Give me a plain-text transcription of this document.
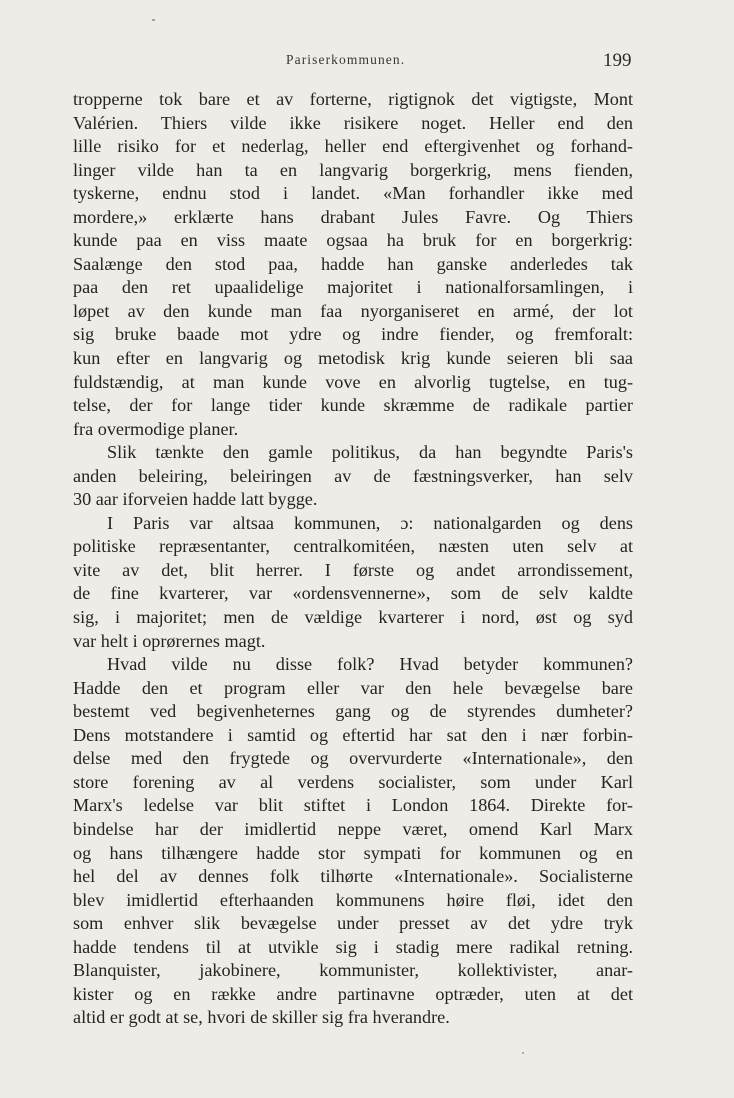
Pariserkommunen.	199
tropperne tok bare et av forterne, rigtignok det vigtigste, Mont
Valérien. Thiers vilde ikke risikere noget. Heller end den
lille risiko for et nederlag, heller end eftergivenhet og forhand-
linger vilde han ta en langvarig borgerkrig, mens fienden,
tyskerne, endnu stod i landet. «Man forhandler ikke med
mordere,» erklærte hans drabant Jules Favre. Og Thiers
kunde paa en viss maate ogsaa ha bruk for en borgerkrig:
Saalænge den stod paa, hadde han ganske anderledes tak
paa den ret upaalidelige majoritet i nationalforsamlingen, i
løpet av den kunde man faa nyorganiseret en armé, der lot
sig bruke baade mot ydre og indre fiender, og fremforalt:
kun efter en langvarig og metodisk krig kunde seieren bli saa
fuldstændig, at man kunde vove en alvorlig tugtelse, en tug-
telse, der for lange tider kunde skræmme de radikale partier
fra overmodige planer.
Slik tænkte den gamle politikus, da han begyndte Paris's
anden beleiring, beleiringen av de fæstningsverker, han selv
30 aar iforveien hadde latt bygge.
I Paris var altsaa kommunen, ɔ: nationalgarden og dens
politiske repræsentanter, centralkomitéen, næsten uten selv at
vite av det, blit herrer. I første og andet arrondissement,
de fine kvarterer, var «ordensvennerne», som de selv kaldte
sig, i majoritet; men de vældige kvarterer i nord, øst og syd
var helt i oprørernes magt.
Hvad vilde nu disse folk? Hvad betyder kommunen?
Hadde den et program eller var den hele bevægelse bare
bestemt ved begivenheternes gang og de styrendes dumheter?
Dens motstandere i samtid og eftertid har sat den i nær forbin-
delse med den frygtede og overvurderte «Internationale», den
store forening av al verdens socialister, som under Karl
Marx's ledelse var blit stiftet i London 1864. Direkte for-
bindelse har der imidlertid neppe været, omend Karl Marx
og hans tilhængere hadde stor sympati for kommunen og en
hel del av dennes folk tilhørte «Internationale». Socialisterne
blev imidlertid efterhaanden kommunens høire fløi, idet den
som enhver slik bevægelse under presset av det ydre tryk
hadde tendens til at utvikle sig i stadig mere radikal retning.
Blanquister, jakobinere, kommunister, kollektivister, anar-
kister og en række andre partinavne optræder, uten at det
altid er godt at se, hvori de skiller sig fra hverandre.
